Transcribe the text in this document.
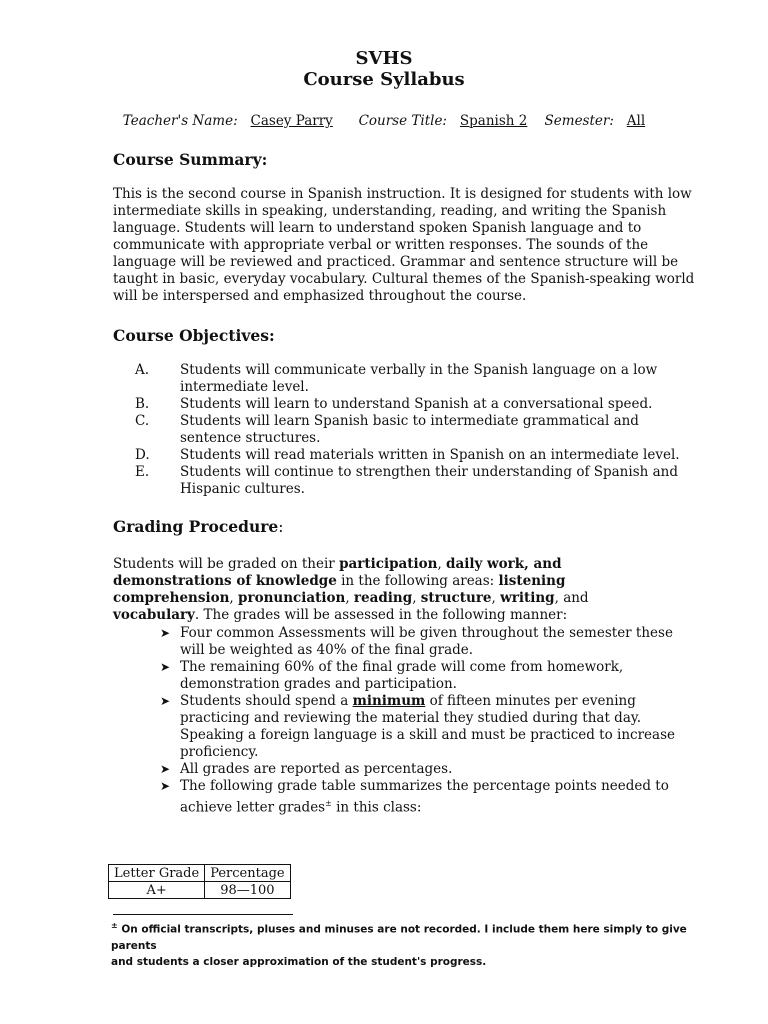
SVHS
Course Syllabus
Teacher's Name: Casey Parry Course Title: Spanish 2 Semester: All
Course Summary:
This is the second course in Spanish instruction. It is designed for students with low
intermediate skills in speaking, understanding, reading, and writing the Spanish
language. Students will learn to understand spoken Spanish language and to
communicate with appropriate verbal or written responses. The sounds of the
language will be reviewed and practiced. Grammar and sentence structure will be
taught in basic, everyday vocabulary. Cultural themes of the Spanish-speaking world
will be interspersed and emphasized throughout the course.
Course Objectives:
A. Students will communicate verbally in the Spanish language on a low
intermediate level.
B. Students will learn to understand Spanish at a conversational speed.
C. Students will learn Spanish basic to intermediate grammatical and
sentence structures.
D. Students will read materials written in Spanish on an intermediate level.
E. Students will continue to strengthen their understanding of Spanish and
Hispanic cultures.
Grading Procedure:
Students will be graded on their participation, daily work, and
demonstrations of knowledge in the following areas: listening
comprehension, pronunciation, reading, structure, writing, and
vocabulary. The grades will be assessed in the following manner:
➤ Four common Assessments will be given throughout the semester these
will be weighted as 40% of the final grade.
➤ The remaining 60% of the final grade will come from homework,
demonstration grades and participation.
➤ Students should spend a minimum of fifteen minutes per evening
practicing and reviewing the material they studied during that day.
Speaking a foreign language is a skill and must be practiced to increase
proficiency.
➤ All grades are reported as percentages.
➤ The following grade table summarizes the percentage points needed to
achieve letter grades± in this class:
Letter Grade	Percentage
A+	98—100
± On official transcripts, pluses and minuses are not recorded. I include them here simply to give parents
and students a closer approximation of the student's progress.
